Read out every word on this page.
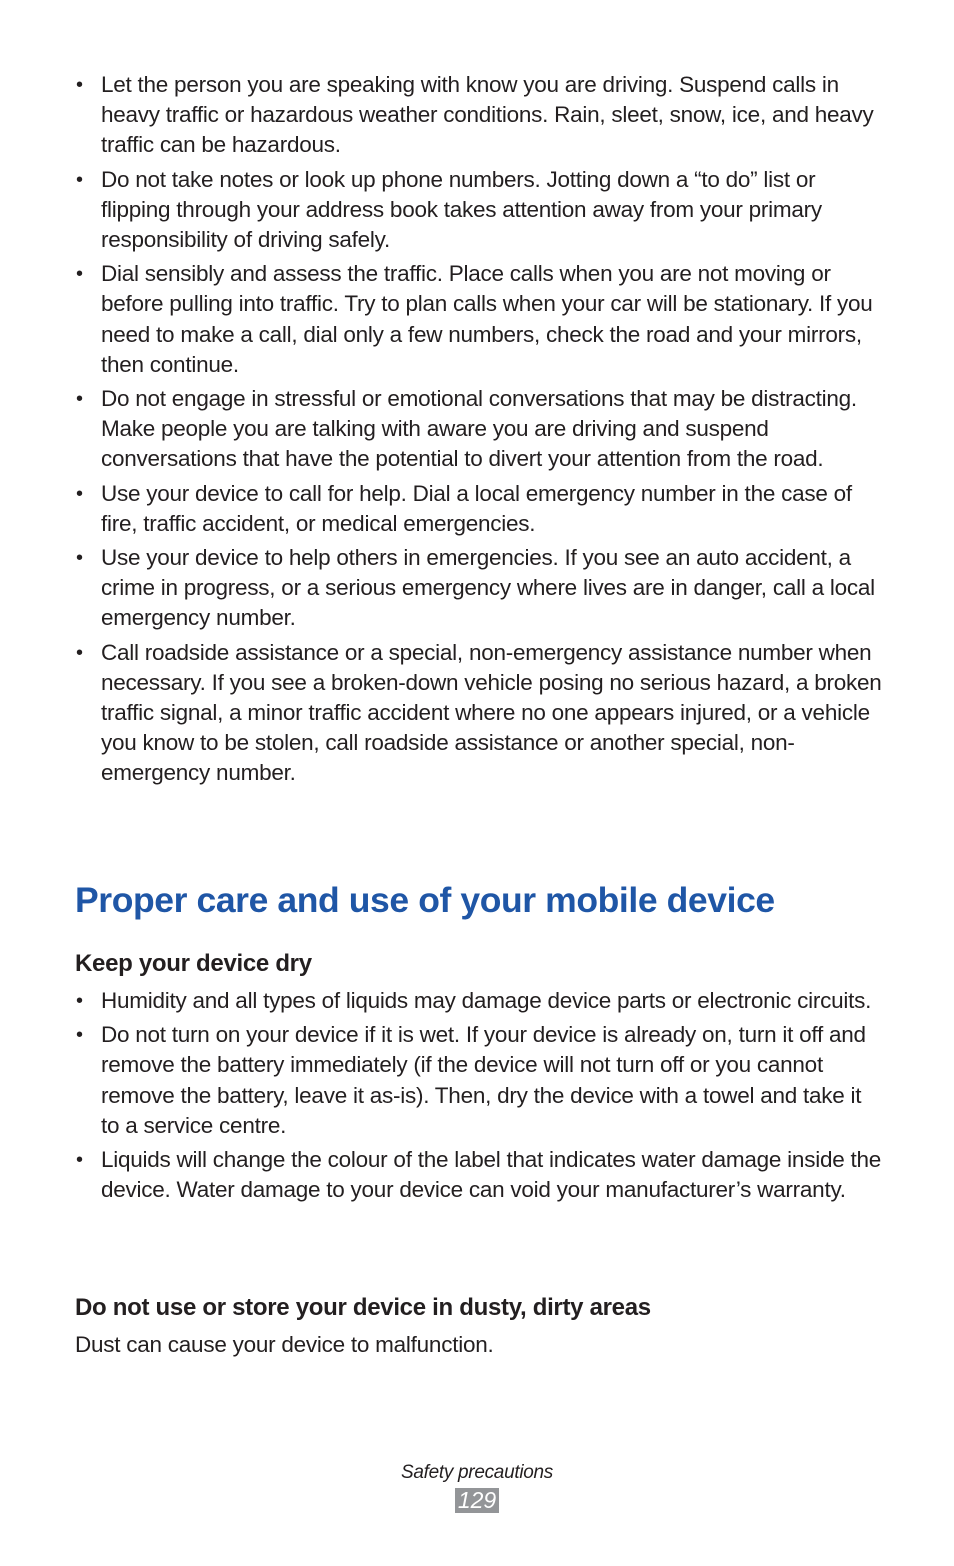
• Let the person you are speaking with know you are driving. Suspend calls in heavy traffic or hazardous weather conditions. Rain, sleet, snow, ice, and heavy traffic can be hazardous.
• Do not take notes or look up phone numbers. Jotting down a “to do” list or flipping through your address book takes attention away from your primary responsibility of driving safely.
• Dial sensibly and assess the traffic. Place calls when you are not moving or before pulling into traffic. Try to plan calls when your car will be stationary. If you need to make a call, dial only a few numbers, check the road and your mirrors, then continue.
• Do not engage in stressful or emotional conversations that may be distracting. Make people you are talking with aware you are driving and suspend conversations that have the potential to divert your attention from the road.
• Use your device to call for help. Dial a local emergency number in the case of fire, traffic accident, or medical emergencies.
• Use your device to help others in emergencies. If you see an auto accident, a crime in progress, or a serious emergency where lives are in danger, call a local emergency number.
• Call roadside assistance or a special, non-emergency assistance number when necessary. If you see a broken-down vehicle posing no serious hazard, a broken traffic signal, a minor traffic accident where no one appears injured, or a vehicle you know to be stolen, call roadside assistance or another special, non-emergency number.
Proper care and use of your mobile device
Keep your device dry
• Humidity and all types of liquids may damage device parts or electronic circuits.
• Do not turn on your device if it is wet. If your device is already on, turn it off and remove the battery immediately (if the device will not turn off or you cannot remove the battery, leave it as-is). Then, dry the device with a towel and take it to a service centre.
• Liquids will change the colour of the label that indicates water damage inside the device. Water damage to your device can void your manufacturer’s warranty.
Do not use or store your device in dusty, dirty areas

Dust can cause your device to malfunction.

Safety precautions
129
